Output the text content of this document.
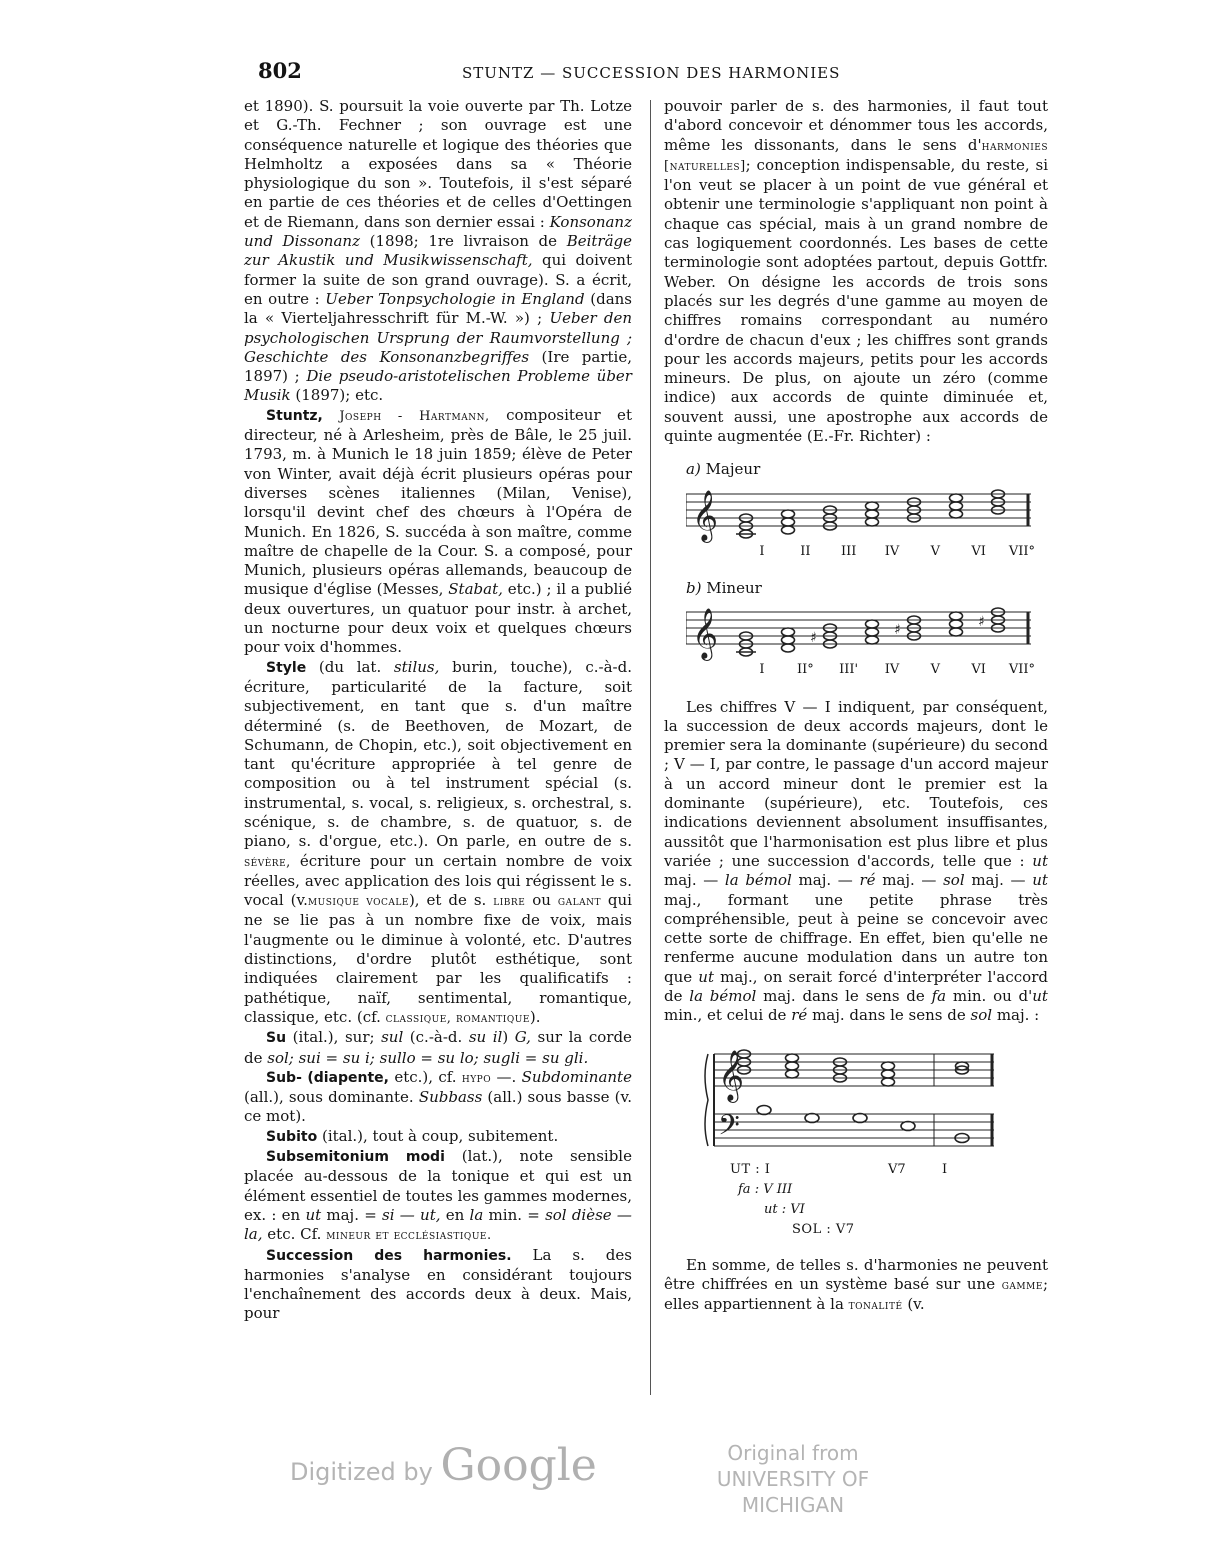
802	STUNTZ — SUCCESSION DES HARMONIES

et 1890). S. poursuit la voie ouverte par Th. Lotze et G.-Th. Fechner ; son ouvrage est une conséquence naturelle et logique des théories que Helmholtz a exposées dans sa « Théorie physiologique du son ». Toutefois, il s'est séparé en partie de ces théories et de celles d'Oettingen et de Riemann, dans son dernier essai : Konsonanz und Dissonanz (1898; 1re livraison de Beiträge zur Akustik und Musikwissenschaft, qui doivent former la suite de son grand ouvrage). S. a écrit, en outre : Ueber Tonpsychologie in England (dans la « Vierteljahresschrift für M.-W. ») ; Ueber den psychologischen Ursprung der Raumvorstellung ; Geschichte des Konsonanzbegriffes (Ire partie, 1897) ; Die pseudo-aristotelischen Probleme über Musik (1897); etc.

Stuntz, Joseph - Hartmann, compositeur et directeur, né à Arlesheim, près de Bâle, le 25 juil. 1793, m. à Munich le 18 juin 1859; élève de Peter von Winter, avait déjà écrit plusieurs opéras pour diverses scènes italiennes (Milan, Venise), lorsqu'il devint chef des chœurs à l'Opéra de Munich. En 1826, S. succéda à son maître, comme maître de chapelle de la Cour. S. a composé, pour Munich, plusieurs opéras allemands, beaucoup de musique d'église (Messes, Stabat, etc.) ; il a publié deux ouvertures, un quatuor pour instr. à archet, un nocturne pour deux voix et quelques chœurs pour voix d'hommes.

Style (du lat. stilus, burin, touche), c.-à-d. écriture, particularité de la facture, soit subjectivement, en tant que s. d'un maître déterminé (s. de Beethoven, de Mozart, de Schumann, de Chopin, etc.), soit objectivement en tant qu'écriture appropriée à tel genre de composition ou à tel instrument spécial (s. instrumental, s. vocal, s. religieux, s. orchestral, s. scénique, s. de chambre, s. de quatuor, s. de piano, s. d'orgue, etc.). On parle, en outre de s. sévère, écriture pour un certain nombre de voix réelles, avec application des lois qui régissent le s. vocal (v.musique vocale), et de s. libre ou galant qui ne se lie pas à un nombre fixe de voix, mais l'augmente ou le diminue à volonté, etc. D'autres distinctions, d'ordre plutôt esthétique, sont indiquées clairement par les qualificatifs : pathétique, naïf, sentimental, romantique, classique, etc. (cf. classique, romantique).

Su (ital.), sur; sul (c.-à-d. su il) G, sur la corde de sol; sui = su i; sullo = su lo; sugli = su gli.

Sub- (diapente, etc.), cf. hypo —. Subdominante (all.), sous dominante. Subbass (all.) sous basse (v. ce mot).

Subito (ital.), tout à coup, subitement.

Subsemitonium modi (lat.), note sensible placée au-dessous de la tonique et qui est un élément essentiel de toutes les gammes modernes, ex. : en ut maj. = si — ut, en la min. = sol dièse — la, etc. Cf. mineur et ecclésiastique.

Succession des harmonies. La s. des harmonies s'analyse en considérant toujours l'enchaînement des accords deux à deux. Mais, pour

pouvoir parler de s. des harmonies, il faut tout d'abord concevoir et dénommer tous les accords, même les dissonants, dans le sens d'harmonies [naturelles]; conception indispensable, du reste, si l'on veut se placer à un point de vue général et obtenir une terminologie s'appliquant non point à chaque cas spécial, mais à un grand nombre de cas logiquement coordonnés. Les bases de cette terminologie sont adoptées partout, depuis Gottfr. Weber. On désigne les accords de trois sons placés sur les degrés d'une gamme au moyen de chiffres romains correspondant au numéro d'ordre de chacun d'eux ; les chiffres sont grands pour les accords majeurs, petits pour les accords mineurs. De plus, on ajoute un zéro (comme indice) aux accords de quinte diminuée et, souvent aussi, une apostrophe aux accords de quinte augmentée (E.-Fr. Richter) :

a) Majeur
𝄞
I	II	III	IV	V	VI	VII°
b) Mineur
𝄞	♯	♯	♯
I	II°	III'	IV	V	VI	VII°

Les chiffres V — I indiquent, par conséquent, la succession de deux accords majeurs, dont le premier sera la dominante (supérieure) du second ; V — I, par contre, le passage d'un accord majeur à un accord mineur dont le premier est la dominante (supérieure), etc. Toutefois, ces indications deviennent absolument insuffisantes, aussitôt que l'harmonisation est plus libre et plus variée ; une succession d'accords, telle que : ut maj. — la bémol maj. — ré maj. — sol maj. — ut maj., formant une petite phrase très compréhensible, peut à peine se concevoir avec cette sorte de chiffrage. En effet, bien qu'elle ne renferme aucune modulation dans un autre ton que ut maj., on serait forcé d'interpréter l'accord de la bémol maj. dans le sens de fa min. ou d'ut min., et celui de ré maj. dans le sens de sol maj. :

𝄞
𝄢
UT : I	V7	I
fa : V III
ut : VI
SOL : V7

En somme, de telles s. d'harmonies ne peuvent être chiffrées en un système basé sur une gamme; elles appartiennent à la tonalité (v.

Digitized by Google	Original from
UNIVERSITY OF MICHIGAN
